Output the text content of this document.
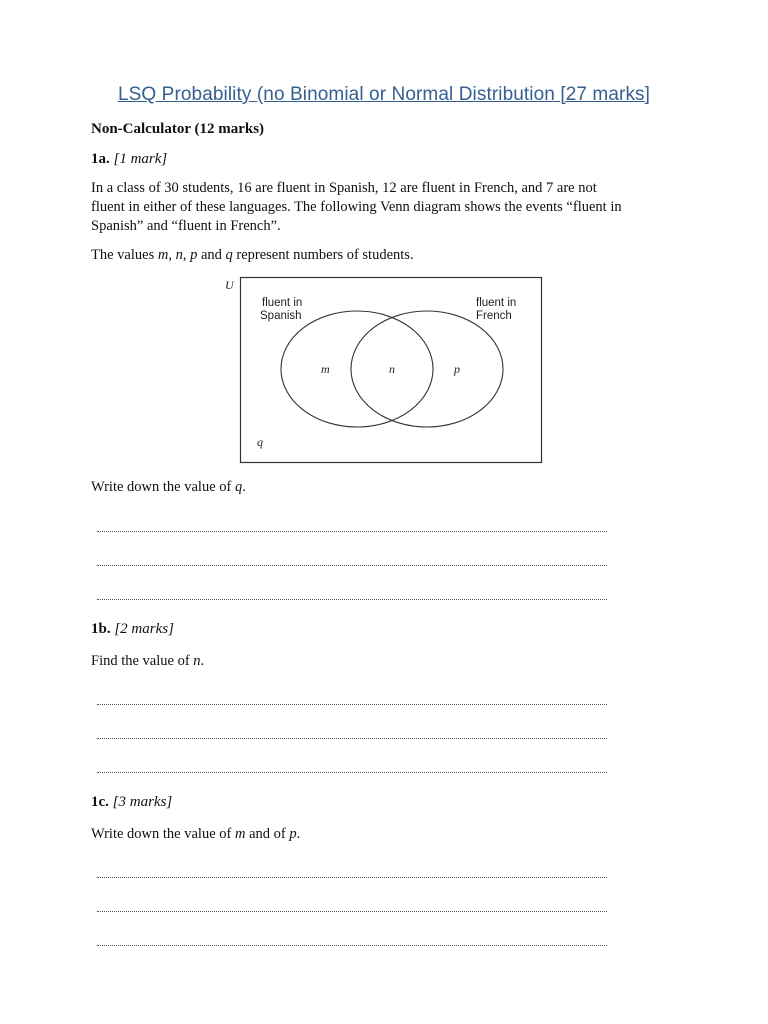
LSQ Probability (no Binomial or Normal Distribution [27 marks]
Non-Calculator (12 marks)
1a. [1 mark]
In a class of 30 students, 16 are fluent in Spanish, 12 are fluent in French, and 7 are not
fluent in either of these languages. The following Venn diagram shows the events “fluent in
Spanish” and “fluent in French”.
The values m, n, p and q represent numbers of students.
U
fluent in
Spanish
fluent in
French
m	n	p
q
Write down the value of q.
1b. [2 marks]
Find the value of n.
1c. [3 marks]
Write down the value of m and of p.
